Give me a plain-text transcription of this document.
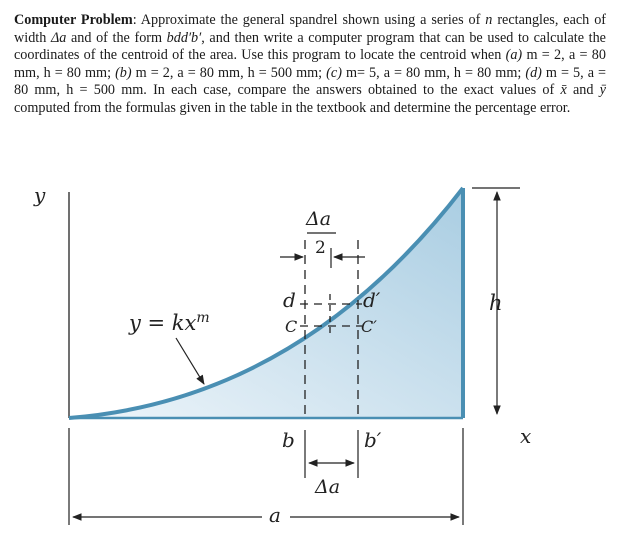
Computer Problem: Approximate the general spandrel shown using a series of n rectangles, each of width Δa and of the form bdd′b′, and then write a computer program that can be used to calculate the coordinates of the centroid of the area. Use this program to locate the centroid when (a) m = 2, a = 80 mm, h = 80 mm; (b) m = 2, a = 80 mm, h = 500 mm; (c) m= 5, a = 80 mm, h = 80 mm; (d) m = 5, a = 80 mm, h = 500 mm. In each case, compare the answers obtained to the exact values of x̄ and ȳ computed from the formulas given in the table in the textbook and determine the percentage error.
y
Δa
2
d
C
d′
C′
$y = kx^m$
h
x
b	b′
Δa
a
